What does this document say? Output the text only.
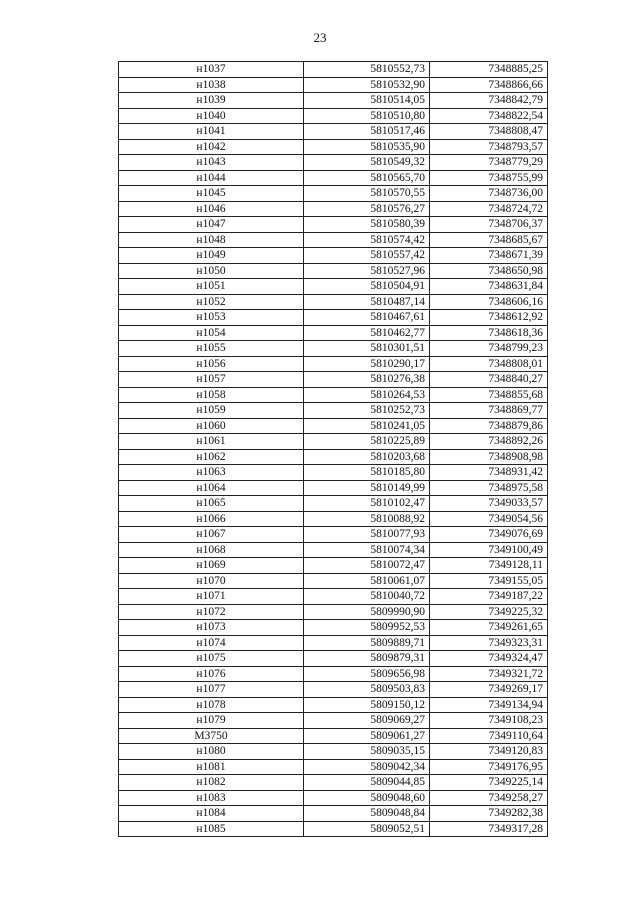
23
н1037	5810552,73	7348885,25
н1038	5810532,90	7348866,66
н1039	5810514,05	7348842,79
н1040	5810510,80	7348822,54
н1041	5810517,46	7348808,47
н1042	5810535,90	7348793,57
н1043	5810549,32	7348779,29
н1044	5810565,70	7348755,99
н1045	5810570,55	7348736,00
н1046	5810576,27	7348724,72
н1047	5810580,39	7348706,37
н1048	5810574,42	7348685,67
н1049	5810557,42	7348671,39
н1050	5810527,96	7348650,98
н1051	5810504,91	7348631,84
н1052	5810487,14	7348606,16
н1053	5810467,61	7348612,92
н1054	5810462,77	7348618,36
н1055	5810301,51	7348799,23
н1056	5810290,17	7348808,01
н1057	5810276,38	7348840,27
н1058	5810264,53	7348855,68
н1059	5810252,73	7348869,77
н1060	5810241,05	7348879,86
н1061	5810225,89	7348892,26
н1062	5810203,68	7348908,98
н1063	5810185,80	7348931,42
н1064	5810149,99	7348975,58
н1065	5810102,47	7349033,57
н1066	5810088,92	7349054,56
н1067	5810077,93	7349076,69
н1068	5810074,34	7349100,49
н1069	5810072,47	7349128,11
н1070	5810061,07	7349155,05
н1071	5810040,72	7349187,22
н1072	5809990,90	7349225,32
н1073	5809952,53	7349261,65
н1074	5809889,71	7349323,31
н1075	5809879,31	7349324,47
н1076	5809656,98	7349321,72
н1077	5809503,83	7349269,17
н1078	5809150,12	7349134,94
н1079	5809069,27	7349108,23
МЗ750	5809061,27	7349110,64
н1080	5809035,15	7349120,83
н1081	5809042,34	7349176,95
н1082	5809044,85	7349225,14
н1083	5809048,60	7349258,27
н1084	5809048,84	7349282,38
н1085	5809052,51	7349317,28
